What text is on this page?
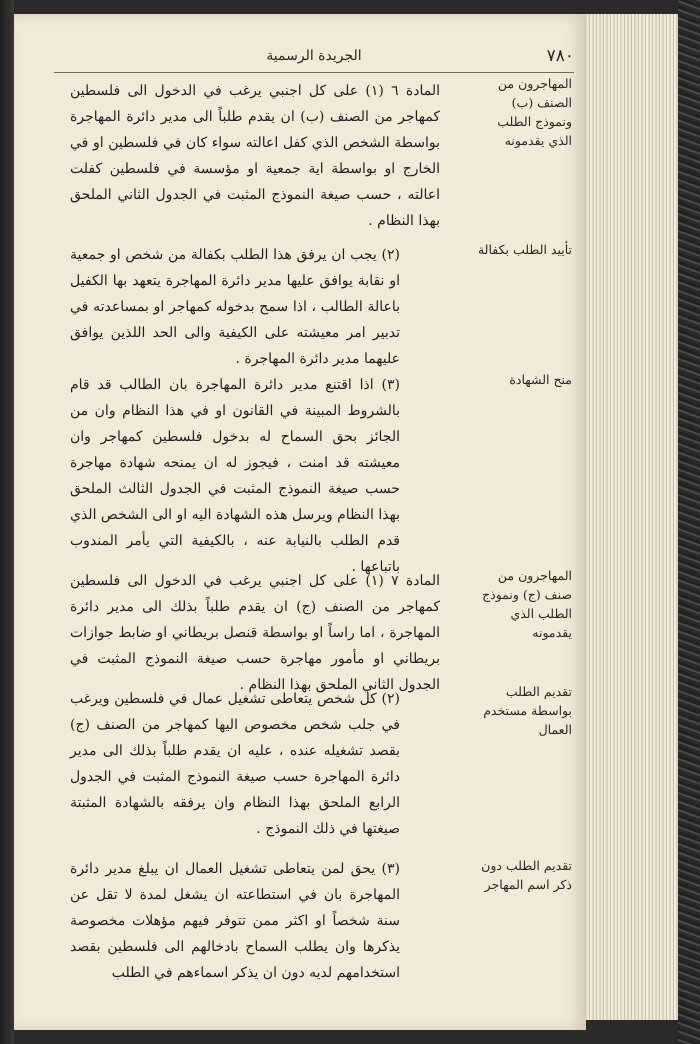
٧٨٠
الجريدة الرسمية
المهاجرون من الصنف (ب) ونموذج الطلب الذي يقدمونه

المادة ٦ (١) على كل اجنبي يرغب في الدخول الى فلسطين كمهاجر من الصنف (ب) ان يقدم طلباً الى مدير دائرة المهاجرة بواسطة الشخص الذي كفل اعالته سواء كان في فلسطين او في الخارج او بواسطة اية جمعية او مؤسسة في فلسطين كفلت اعالته ، حسب صيغة النموذج المثبت في الجدول الثاني الملحق بهذا النظام .

تأييد الطلب بكفالة

(٢) يجب ان يرفق هذا الطلب بكفالة من شخص او جمعية او نقابة يوافق عليها مدير دائرة المهاجرة يتعهد بها الكفيل باعالة الطالب ، اذا سمح بدخوله كمهاجر او بمساعدته في تدبير امر معيشته على الكيفية والى الحد اللذين يوافق عليهما مدير دائرة المهاجرة .

منح الشهادة

(٣) اذا اقتنع مدير دائرة المهاجرة بان الطالب قد قام بالشروط المبينة في القانون او في هذا النظام وان من الجائز بحق السماح له بدخول فلسطين كمهاجر وان معيشته قد امنت ، فيجوز له ان يمنحه شهادة مهاجرة حسب صيغة النموذج المثبت في الجدول الثالث الملحق بهذا النظام ويرسل هذه الشهادة اليه او الى الشخص الذي قدم الطلب بالنيابة عنه ، بالكيفية التي يأمر المندوب باتباعها .

المهاجرون من صنف (ج) ونموذج الطلب الذي يقدمونه

المادة ٧ (١) على كل اجنبي يرغب في الدخول الى فلسطين كمهاجر من الصنف (ج) ان يقدم طلباً بذلك الى مدير دائرة المهاجرة ، اما راساً او بواسطة قنصل بريطاني او ضابط جوازات بريطاني او مأمور مهاجرة حسب صيغة النموذج المثبت في الجدول الثاني الملحق بهذا النظام .	تقديم الطلب بواسطة مستخدم العمال

(٢) كل شخص يتعاطى تشغيل عمال في فلسطين ويرغب في جلب شخص مخصوص اليها كمهاجر من الصنف (ج) بقصد تشغيله عنده ، عليه ان يقدم طلباً بذلك الى مدير دائرة المهاجرة حسب صيغة النموذج المثبت في الجدول الرابع الملحق بهذا النظام وان يرفقه بالشهادة المثبتة صيغتها في ذلك النموذج .

تقديم الطلب دون ذكر اسم المهاجر

(٣) يحق لمن يتعاطى تشغيل العمال ان يبلغ مدير دائرة المهاجرة بان في استطاعته ان يشغل لمدة لا تقل عن سنة شخصاً او اكثر ممن تتوفر فيهم مؤهلات مخصوصة يذكرها وان يطلب السماح بادخالهم الى فلسطين بقصد استخدامهم لديه دون ان يذكر اسماءهم في الطلب
